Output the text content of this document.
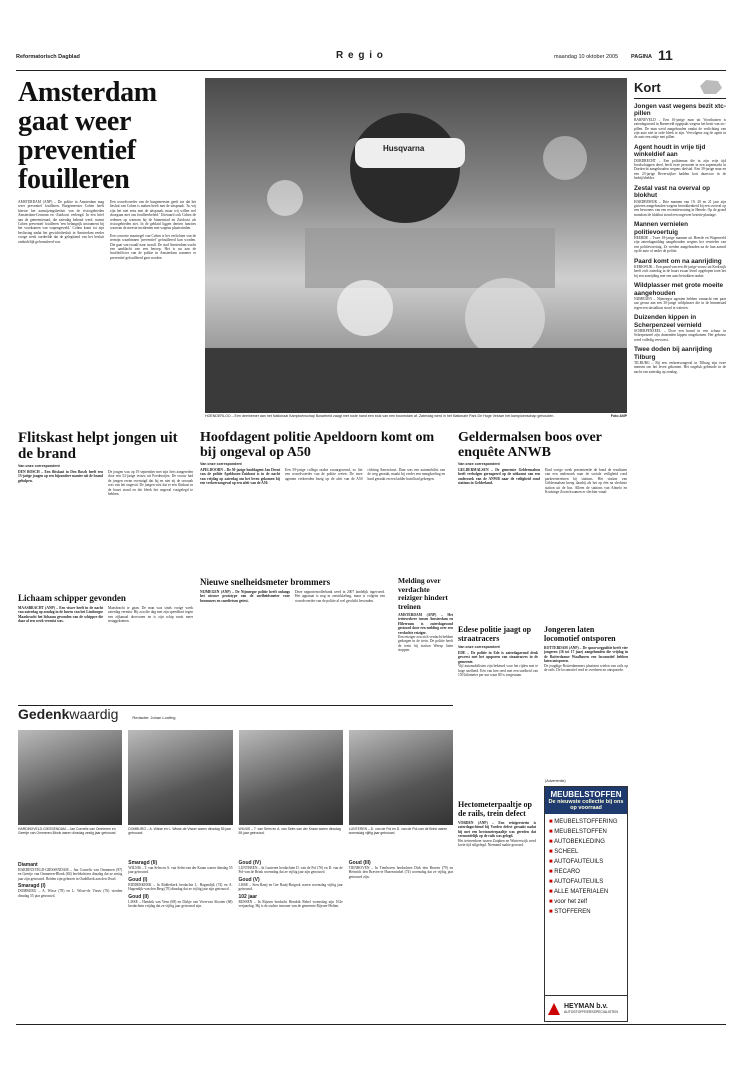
Reformatorisch Dagblad	R e g i o	maandag 10 oktober 2005 PAGINA 11
Amsterdam gaat weer preventief fouilleren

AMSTERDAM (ANP) – De politie in Amsterdam mag weer preventief fouilleren. Burgemeester Cohen heeft hiertoe het aanwijzingsbesluit van de risicogebieden Amsterdam-Centrum en -Zuidoost verlengd. In een brief aan de gemeenteraad, die zaterdag bekend werd, noemt Cohen preventief fouilleren 'een belangrijk instrument bij het voorkomen van wapengeweld.' Cohen komt tot zijn beslissing nadat het gewichtsbesluit in Amsterdam eerder vorige week oordeelde dat de gelegitimd van het besluit onduidelijk gefornuleerd was.

Een woordvoerder van de burgemeester geeft toe dat het besluit van Cohen is maken heeft met de uitspraak. 'Ja, wij zijn het niet eens met de uitspraak, maar wij willen wel doorgaan met ons fouilleerbeleid.' Uiteraard ook Cohen de redenen op waarom hij de binnenstad en Zuidoost als risicogebieden ziet. In de geblaid liggen dertien functies waarvan de meeste incidenten met wapens plaatsvinden.

Een concrete maatregel van Cohen is het verlichten van de termijn waarbinnen 'preventief' gefouilleerd kan worden. Die gaat van twaalf naar twaalf. De stad Amsterdam wacht een aanklacht van een beroep. Het is nu aan de hoofdofficier van de politie in Amsterdam wanneer er preventief gefouilleerd gaat worden.

Husqvarna
HOENDERLOO – Een deelnemer aan het Nationaal Kampioenschap Bosarbeid zaagt met ruste hand een stuk van een boomstam af. Zaterdag werd in het Nationale Park De Hoge Veluwe het kampioenschap gehouden.	Foto ANP
Kort
Jongen vast wegens bezit xtc-pillen

BARNEVELD – Een 16-jarige man uit Voorthuizen is zaterdagavond in Barneveld opgepakt wegens het bezit van xtc-pillen. De man werd aangehouden omdat de verlichting van zijn auto niet in orde bleek te zijn. Vervolgens zag de agent in de auto een zakje met pillen.

Agent houdt in vrije tijd winkeldief aan

DORDRECHT – Een politieman die in zijn vrije tijd boodschappen deed, heeft twee personen in een supermarkt in Dordrecht aangehouden wegens diefstal. Een 30-jarige man en een 23-jarige Beverwijker hadden kort daarvoor in de bedrijfsbelder.

Zestal vast na overval op blokhut

HARDERWIJK – Drie mannen van 19, 20 en 21 jaar zijn gisteren aangehouden wegens betrokkenheid bij een overval op een bewoners van een recreatiewoning in Heerde. Op de grond mondom de blokhut stond een ongeveer bezette plantage.

Mannen vernielen politievoertuig

HEERDE – Twee 18-jarige mannen uit Heerde en Wapenveld zijn zaterdagmiddag aangehouden wegens het vernielen van een politievoertuig. Ze werden aangehouden na de hun aanval op de auto of onder de politie.

Paard komt om na aanrijding

KERKWIJK – Een paard van een 46-jarige vrouw uit Kerkwijk heeft zich zaterdag in de buurt zwaar letsel opgelopen toen het bij een aanrijding met een auto betrokken raakte.

Wildplasser met grote moeite aangehouden

NIJMEGEN – Nijmeegse agenten hebben vannacht een paar uur gerust aan een 30-jarige wildplasser die in de binnenstad tegen een uitstalkast stond te wateren.

Duizenden kippen in Scherpenzeel vernield

SCHERPENZEEL – Door een brand in een schuur in Scherpenzeel zijn duizenden kippen omgekomen. Het gebouw werd volledig verwoest.

Twee doden bij aanrijding Tilburg

TILBURG – Bij een verkeersongeval in Tilburg zijn twee mensen om het leven gekomen. Het ongeluk gebeurde in de nacht van zaterdag op zondag.

Flitskast helpt jongen uit de brand
Van onze correspondent

DEN BOSCH – Een flitskast in Den Bosch heeft een 13-jarige jongen op een bijzondere manier uit de brand geholpen.

De jongen was op 19 september met zijn fiets aangereden door een 52-jarige vrouw uit Poederoijen. De vrouw had de jongen ervan overtuigd dat hij en niet zij de oorzaak was van het ongeval. De jongen wist dat er een flitskast in de buurt stond en die bleek het ongeval vastgelegd te hebben.

Hoofdagent politie Apeldoorn komt om bij ongeval op A50
Van onze correspondent

APELDOORN – De 50-jarige hoofdagent Jan Drent van de politie Apeldoorn-Zuidoost is in de nacht van vrijdag op zaterdag om het leven gekomen bij een verkeersongeval op een afrit van de A50.

Een 59-jarige collega raakte zwaargewond, zo liet een woordvoerder van de politie weten. De twee agenten verkeerden bezig op de afrit van de A50 richting Amersfoort. Daar was een automobilist van de weg geraakt, maakt bij verder een mengkoeling en hard geraakt en een ladder bund had gekregen.

Geldermalsen boos over enquête ANWB
Van onze correspondent

GELDERMALSEN – De gemeente Geldermalsen heeft verbolgen gereageerd op de uitkomst van een onderzoek van de ANWB naar de veiligheid rond stations in Gelderland.

Eind vorige week presenteerde de bond de resultaten van een onderzoek naar de sociale veiligheid rond parkeerterreinen bij stations. Het station van Geldermalsen kreeg daarbij als het op één na slechtste station uit de bus. Alleen de stations van Almelo en Kruisinge Zoom kwamen er slechter vanaf.

Lichaam schipper gevonden

MAASBRACHT (ANP) – Een visser heeft in de nacht van zaterdag op zondag in de haven van het Limburgse Maasbracht het lichaam gevonden van de schipper die daar al een week vermist was.

Maasbracht te gaan. De man was sinds vorige week zaterdag vermist. Hij zou die dag met zijn speedboot tegen een zijkanaal doorvaren en is zijn schip nooit meer teruggekomen.

Nieuwe snelheidsmeter brommers

NIJMEGEN (ANP) – De Nijmeegse politie heeft onlangs het nieuwe prototype van de snelheidsmeter voor brommers en snorfietsen getest.

Deze rapportenrollerbank werd in 2007 landelijk ingevoerd. Het apparaat is nog in ontwikkeling, maar is volgens een woordvoerder van de politie al wel geschikt bevonden.

Melding over verdachte reiziger hindert treinen

AMSTERDAM (ANP) – Het treinverkeer tussen Amsterdam en Hilversum is zaterdagavond gestoord door een melding over een verdachte reiziger.

Een reiziger zou zich verdacht hebben gedragen in de trein. De politie heeft de trein bij station Weesp laten stoppen.

Edese politie jaagt op straatracers
Van onze correspondent

EDE – De politie in Ede is zaterdagavond druk geweest met het opsporen van straatracers in de gemeente.

Vijf automobilisten zijn bekeurd voor het rijden met te hoge snelheid. Eén van hen reed met een snelheid van 150 kilometer per uur waar 80 is toegestaan.

Jongeren laten locomotief ontsporen

ROTTERDAM (ANP) – De spoorwegpolitie heeft vier jongeren (16 tot 17 jaar) aangehouden die vrijdag in de Rotterdamse Waalhaven een locomotief hebben laten ontsporen.

De jeugdige Rotterdammers plaatsten wielen van rails op de rails. De locomotief reed er overheen en ontspoorde.

Hectometerpaaltje op de rails, trein defect

VORDEN (ANP) – Een reizigerstrein is zaterdagochtend bij Vorden defect geraakt nadat hij met een hectometerpaaltje was gereden dat vermoedelijk op de rails was gelegd.

Het treinverkeer tussen Zutphen en Winterswijk werd korte tijd stilgelegd. Niemand raakte gewond.

(Advertentie)
MEUBELSTOFFEN
De nieuwste collectie bij ons op voorraad
■ MEUBELSTOFFERING
■ MEUBELSTOFFEN
■ AUTOBEKLEDING
■ SCHEEL
■ AUTOFAUTEUILS
■ RECARO
■ AUTOFAUTEUILS
■ ALLE MATERIALEN
■ voor het zelf
■ STOFFEREN
HEYMAN b.v.
AUTOSTOFFEERSSPECIALISTEN
Gedenkwaardig	Redactie: Johan Loofing
HARDINXVELD-GIESSENDAM – Jan Cornelis van Ommeren en Geertje van Ommeren-Blonk waren dinsdag zestig jaar getrouwd.
DOMBURG – A. Wisse en L. Wisse-de Visser waren dinsdag 55 jaar getrouwd.
WILNIS – T. van Selm en A. van Selm-van der Kraan waren dinsdag 55 jaar getrouwd.
LUNTEREN – D. van de Pol en D. van de Pol-van de Brink waren woensdag vijftig jaar getrouwd.
Diamant

HARDINXVELD-GIESSENDAM – Jan Cornelis van Ommeren (87) en Geertje van Ommeren-Blonk (84) beeldschrien dinsdag dat ze zestig jaar zijn getrouwd. Beiden zijn geboren in Oudelkerk aan den IJssel.

Smaragd (I)

DOMBURG – A. Wisse (78) en L. Wisse-de Visser (76) vierden dinsdag 55 jaar getrouwd.

Smaragd (II)

WILNIS – T. van Selm en A. van Selm-van der Kraan waren dinsdag 55 jaar getrouwd.

Goud (I)

RIDDERKERK – In Ridderkerk herdachte L. Hagendijk (74) en A. Hagendijk-van den Berg (70) dinsdag dat ze vijftig jaar zijn getrouwd.

Goud (II)

LISSE – Hendrik van Veen (68) en Dirkje van Veen-van Slooten (68) herdachten vrijdag dat ze vijftig jaar getrouwd zijn.

Goud (IV)

LUNTEREN – In Lunteren herdachten D. van de Pol (76) en D. van de Pol-van de Brink woensdag dat ze vijftig jaar zijn getrouwd.

Goud (V)

LISSE – Sien Raaij en Ger Raaij-Ruigrok waren woensdag vijftig jaar getrouwd.

102 jaar

RIJSSEN – In Rijssen herdacht Hendrik Rebel woensdag zijn 102e verjaardag. Hij is de oudste inwoner van de gemeente Rijssen-Holten.

Goud (III)

TIENHOVEN – In Tienhoven herdachten Dirk den Braven (79) en Heinrich den Braven-te Hazenwinkel (74) woensdag dat ze vijftig jaar getrouwd zijn.
